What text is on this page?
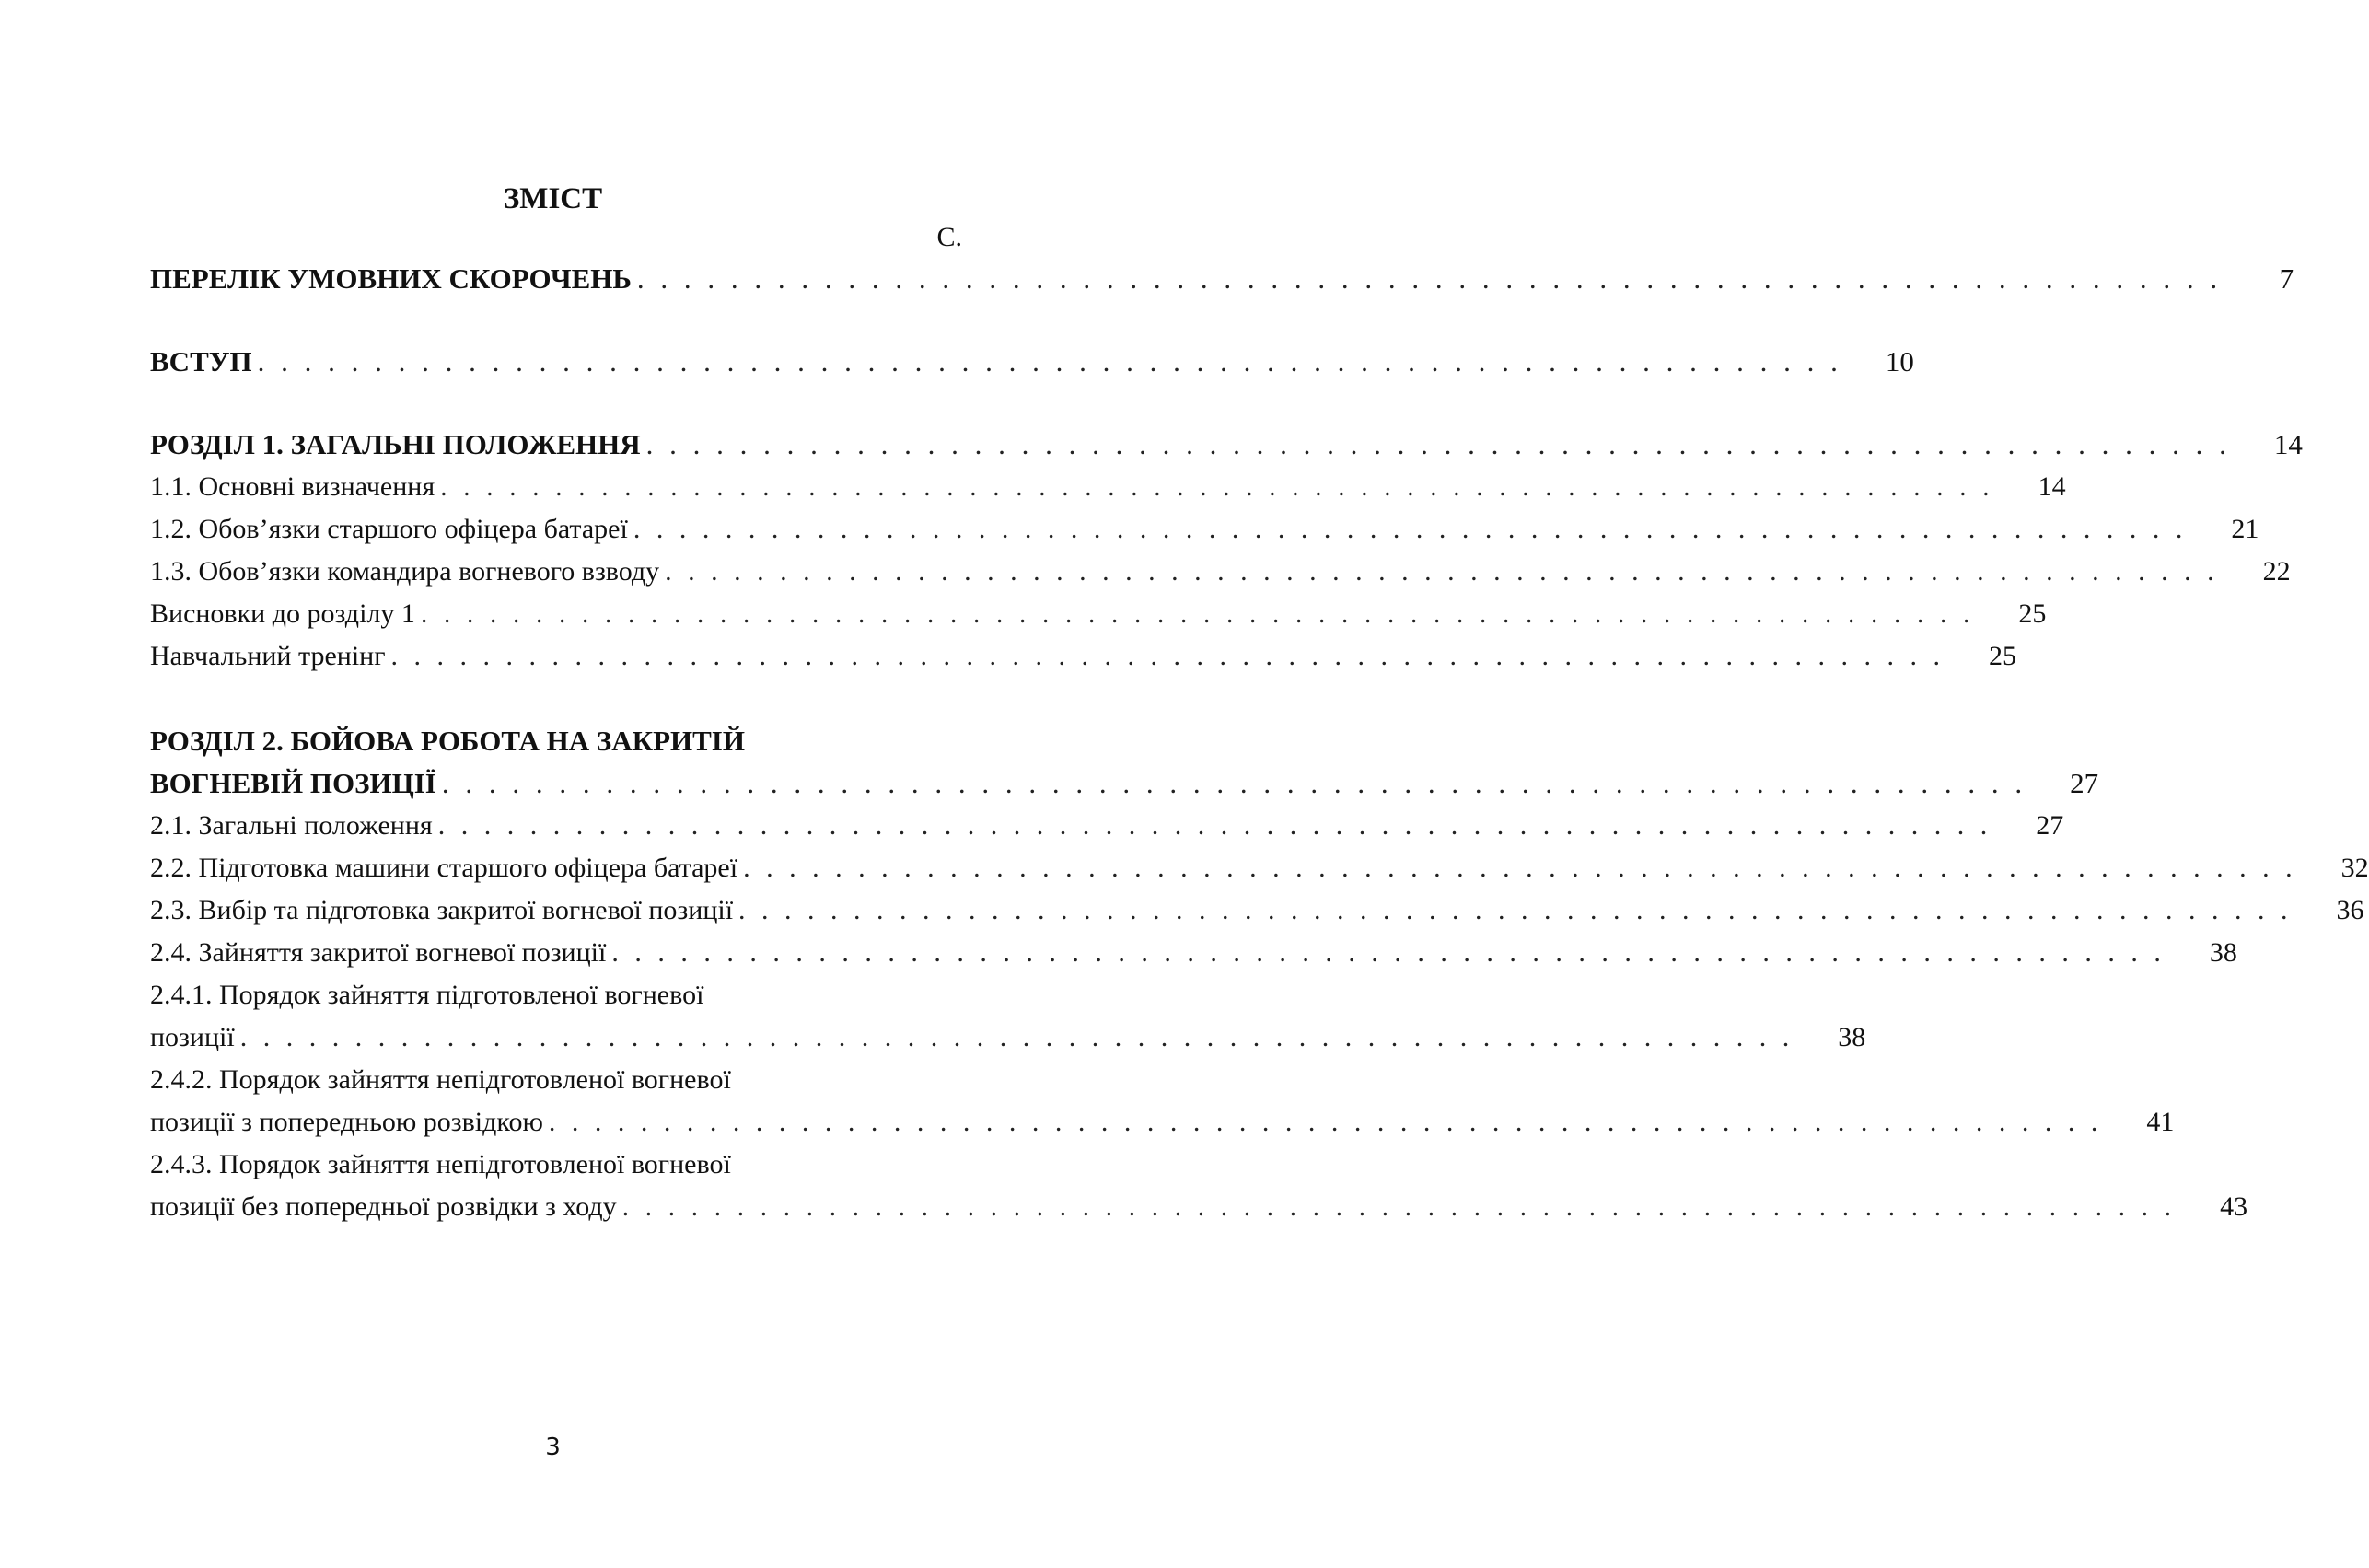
ЗМІСТ
С.
ПЕРЕЛІК УМОВНИХ СКОРОЧЕНЬ . . . . . . . . . . . . . . . . . . . . . . . . . . . . . . . . . . . . . . . . . . . . . . . . . . . . . . . . . . . . . . . . . . . .	7
ВСТУП . . . . . . . . . . . . . . . . . . . . . . . . . . . . . . . . . . . . . . . . . . . . . . . . . . . . . . . . . . . . . . . . . . . .	10
РОЗДІЛ 1. ЗАГАЛЬНІ ПОЛОЖЕННЯ . . . . . . . . . . . . . . . . . . . . . . . . . . . . . . . . . . . . . . . . . . . . . . . . . . . . . . . . . . . . . . . . . . . .	14
1.1. Основні визначення . . . . . . . . . . . . . . . . . . . . . . . . . . . . . . . . . . . . . . . . . . . . . . . . . . . . . . . . . . . . . . . . . . . .	14
1.2. Обов’язки старшого офіцера батареї . . . . . . . . . . . . . . . . . . . . . . . . . . . . . . . . . . . . . . . . . . . . . . . . . . . . . . . . . . . . . . . . . . . .	21
1.3. Обов’язки командира вогневого взводу . . . . . . . . . . . . . . . . . . . . . . . . . . . . . . . . . . . . . . . . . . . . . . . . . . . . . . . . . . . . . . . . . . . .	22
Висновки до розділу 1 . . . . . . . . . . . . . . . . . . . . . . . . . . . . . . . . . . . . . . . . . . . . . . . . . . . . . . . . . . . . . . . . . . . .	25
Навчальний тренінг . . . . . . . . . . . . . . . . . . . . . . . . . . . . . . . . . . . . . . . . . . . . . . . . . . . . . . . . . . . . . . . . . . . .	25
РОЗДІЛ 2. БОЙОВА РОБОТА НА ЗАКРИТІЙ
ВОГНЕВІЙ ПОЗИЦІЇ . . . . . . . . . . . . . . . . . . . . . . . . . . . . . . . . . . . . . . . . . . . . . . . . . . . . . . . . . . . . . . . . . . . .	27
2.1. Загальні положення . . . . . . . . . . . . . . . . . . . . . . . . . . . . . . . . . . . . . . . . . . . . . . . . . . . . . . . . . . . . . . . . . . . .	27
2.2. Підготовка машини старшого офіцера батареї . . . . . . . . . . . . . . . . . . . . . . . . . . . . . . . . . . . . . . . . . . . . . . . . . . . . . . . . . . . . . . . . . . . .	32
2.3. Вибір та підготовка закритої вогневої позиції . . . . . . . . . . . . . . . . . . . . . . . . . . . . . . . . . . . . . . . . . . . . . . . . . . . . . . . . . . . . . . . . . . . .	36
2.4. Зайняття закритої вогневої позиції . . . . . . . . . . . . . . . . . . . . . . . . . . . . . . . . . . . . . . . . . . . . . . . . . . . . . . . . . . . . . . . . . . . .	38
2.4.1. Порядок зайняття підготовленої вогневої
позиції . . . . . . . . . . . . . . . . . . . . . . . . . . . . . . . . . . . . . . . . . . . . . . . . . . . . . . . . . . . . . . . . . . . .	38
2.4.2. Порядок зайняття непідготовленої вогневої
позиції з попередньою розвідкою . . . . . . . . . . . . . . . . . . . . . . . . . . . . . . . . . . . . . . . . . . . . . . . . . . . . . . . . . . . . . . . . . . . .	41
2.4.3. Порядок зайняття непідготовленої вогневої
позиції без попередньої розвідки з ходу . . . . . . . . . . . . . . . . . . . . . . . . . . . . . . . . . . . . . . . . . . . . . . . . . . . . . . . . . . . . . . . . . . . .	43
3
